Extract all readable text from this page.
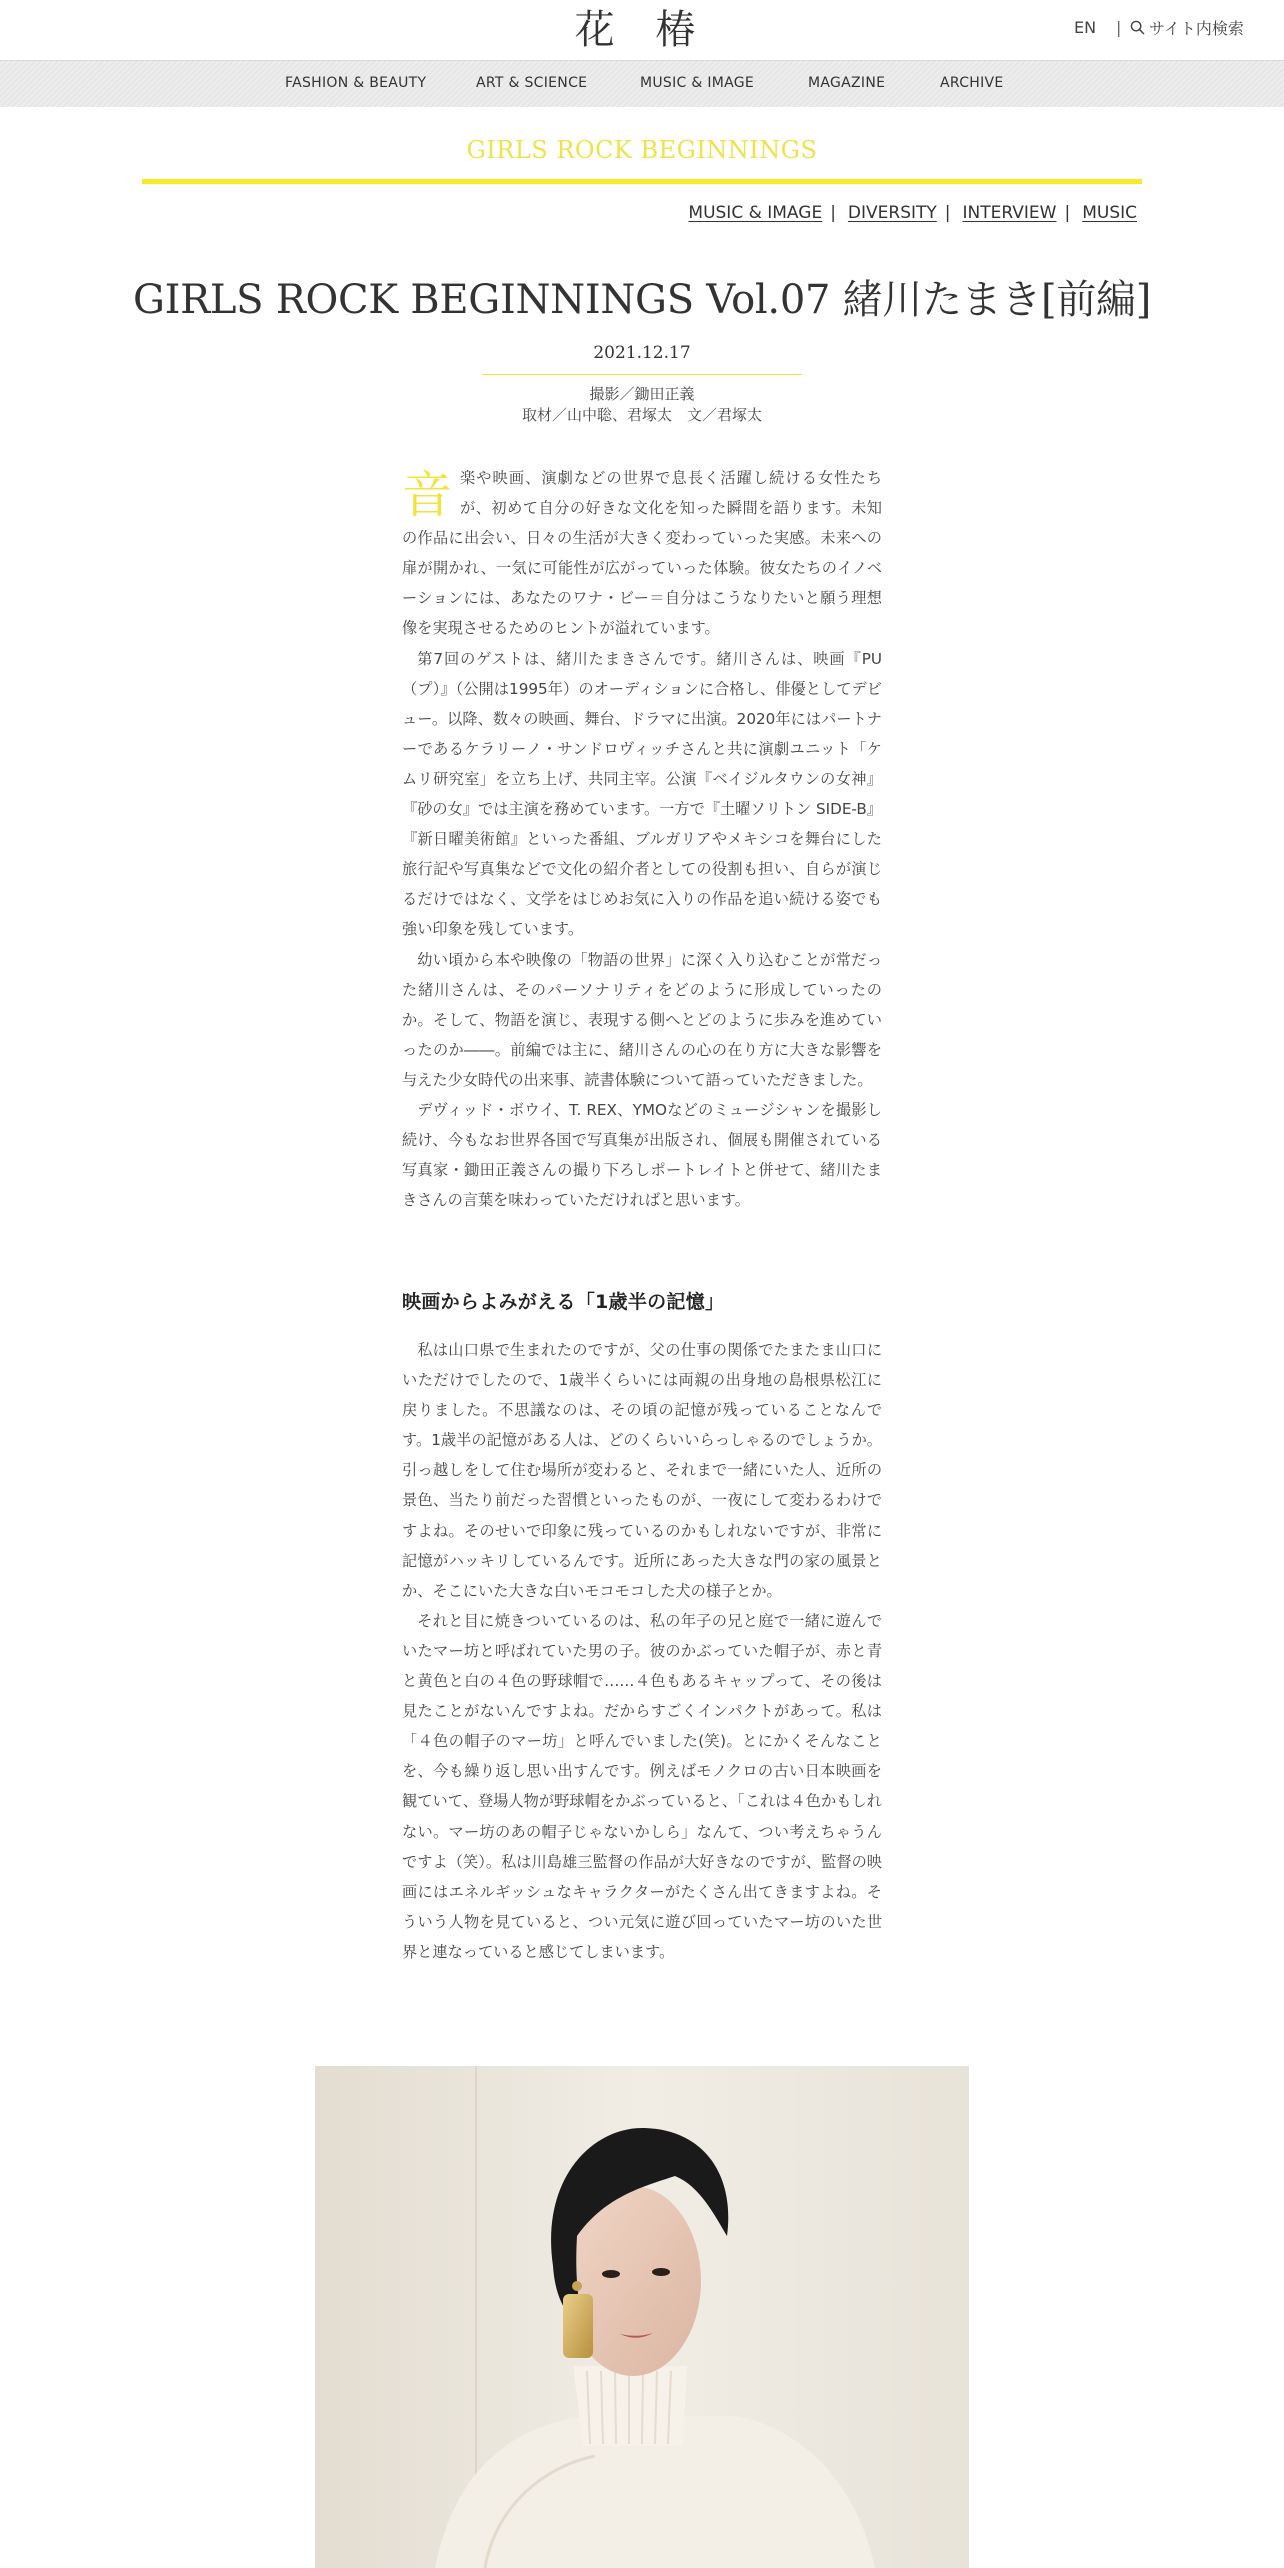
花 椿	EN | サイト内検索
FASHION & BEAUTY	ART & SCIENCE	MUSIC & IMAGE	MAGAZINE	ARCHIVE
GIRLS ROCK BEGINNINGS
MUSIC & IMAGE | DIVERSITY | INTERVIEW | MUSIC
GIRLS ROCK BEGINNINGS Vol.07 緒川たまき[前編]
2021.12.17
撮影／鋤田正義
取材／山中聡、君塚太　文／君塚太

音楽や映画、演劇などの世界で息長く活躍し続ける女性たちが、初めて自分の好きな文化を知った瞬間を語ります。未知の作品に出会い、日々の生活が大きく変わっていった実感。未来への扉が開かれ、一気に可能性が広がっていった体験。彼女たちのイノベーションには、あなたのワナ・ビー＝自分はこうなりたいと願う理想像を実現させるためのヒントが溢れています。

第7回のゲストは、緒川たまきさんです。緒川さんは、映画『PU（プ）』（公開は1995年）のオーディションに合格し、俳優としてデビュー。以降、数々の映画、舞台、ドラマに出演。2020年にはパートナーであるケラリーノ・サンドロヴィッチさんと共に演劇ユニット「ケムリ研究室」を立ち上げ、共同主宰。公演『ベイジルタウンの女神』『砂の女』では主演を務めています。一方で『土曜ソリトン SIDE-B』『新日曜美術館』といった番組、ブルガリアやメキシコを舞台にした旅行記や写真集などで文化の紹介者としての役割も担い、自らが演じるだけではなく、文学をはじめお気に入りの作品を追い続ける姿でも強い印象を残しています。

幼い頃から本や映像の「物語の世界」に深く入り込むことが常だった緒川さんは、そのパーソナリティをどのように形成していったのか。そして、物語を演じ、表現する側へとどのように歩みを進めていったのか――。前編では主に、緒川さんの心の在り方に大きな影響を与えた少女時代の出来事、読書体験について語っていただきました。

デヴィッド・ボウイ、T. REX、YMOなどのミュージシャンを撮影し続け、今もなお世界各国で写真集が出版され、個展も開催されている写真家・鋤田正義さんの撮り下ろしポートレイトと併せて、緒川たまきさんの言葉を味わっていただければと思います。

映画からよみがえる「1歳半の記憶」

私は山口県で生まれたのですが、父の仕事の関係でたまたま山口にいただけでしたので、1歳半くらいには両親の出身地の島根県松江に戻りました。不思議なのは、その頃の記憶が残っていることなんです。1歳半の記憶がある人は、どのくらいいらっしゃるのでしょうか。引っ越しをして住む場所が変わると、それまで一緒にいた人、近所の景色、当たり前だった習慣といったものが、一夜にして変わるわけですよね。そのせいで印象に残っているのかもしれないですが、非常に記憶がハッキリしているんです。近所にあった大きな門の家の風景とか、そこにいた大きな白いモコモコした犬の様子とか。

それと目に焼きついているのは、私の年子の兄と庭で一緒に遊んでいたマー坊と呼ばれていた男の子。彼のかぶっていた帽子が、赤と青と黄色と白の４色の野球帽で……４色もあるキャップって、その後は見たことがないんですよね。だからすごくインパクトがあって。私は「４色の帽子のマー坊」と呼んでいました(笑)。とにかくそんなことを、今も繰り返し思い出すんです。例えばモノクロの古い日本映画を観ていて、登場人物が野球帽をかぶっていると、「これは４色かもしれない。マー坊のあの帽子じゃないかしら」なんて、つい考えちゃうんですよ（笑）。私は川島雄三監督の作品が大好きなのですが、監督の映画にはエネルギッシュなキャラクターがたくさん出てきますよね。そういう人物を見ていると、つい元気に遊び回っていたマー坊のいた世界と連なっていると感じてしまいます。
